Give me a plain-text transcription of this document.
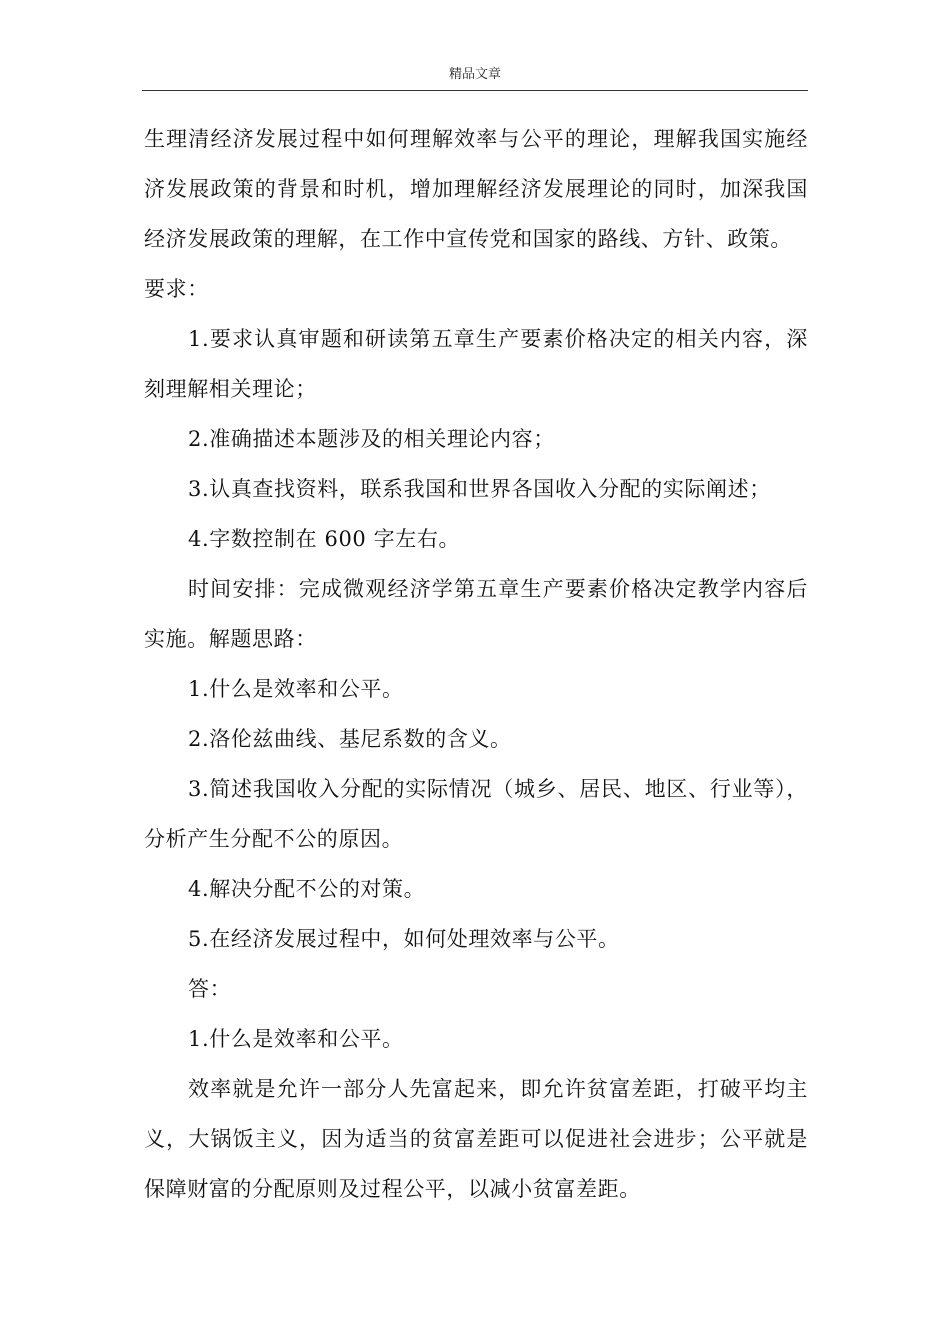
精品文章

生理清经济发展过程中如何理解效率与公平的理论，理解我国实施经济发展政策的背景和时机，增加理解经济发展理论的同时，加深我国经济发展政策的理解，在工作中宣传党和国家的路线、方针、政策。

要求：

1.要求认真审题和研读第五章生产要素价格决定的相关内容，深刻理解相关理论；

2.准确描述本题涉及的相关理论内容；

3.认真查找资料，联系我国和世界各国收入分配的实际阐述；

4.字数控制在 600 字左右。

时间安排：完成微观经济学第五章生产要素价格决定教学内容后实施。解题思路：

1.什么是效率和公平。

2.洛伦兹曲线、基尼系数的含义。

3.简述我国收入分配的实际情况（城乡、居民、地区、行业等），分析产生分配不公的原因。

4.解决分配不公的对策。

5.在经济发展过程中，如何处理效率与公平。

答：

1.什么是效率和公平。

效率就是允许一部分人先富起来，即允许贫富差距，打破平均主义，大锅饭主义，因为适当的贫富差距可以促进社会进步；公平就是保障财富的分配原则及过程公平，以减小贫富差距。
